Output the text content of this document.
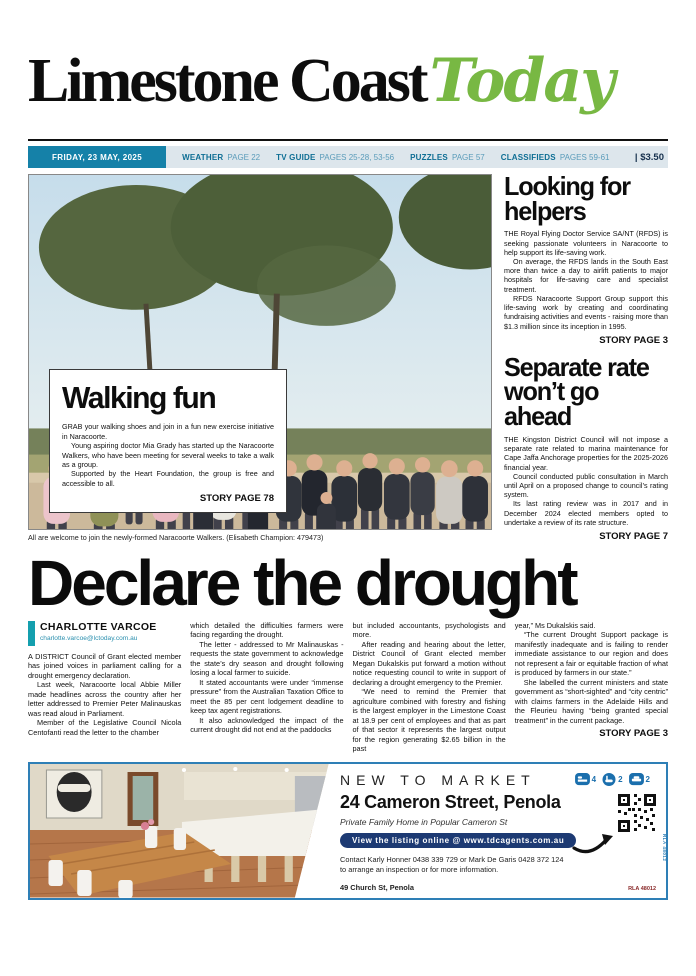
Limestone CoastToday
FRIDAY, 23 MAY, 2025	WEATHER PAGE 22 TV GUIDE PAGES 25-28, 53-56 PUZZLES PAGE 57 CLASSIFIEDS PAGES 59-61	| $3.50
Walking fun

GRAB your walking shoes and join in a fun new exercise initiative in Naracoorte.

Young aspiring doctor Mia Grady has started up the Naracoorte Walkers, who have been meeting for several weeks to take a walk as a group.

Supported by the Heart Foundation, the group is free and accessible to all.

STORY PAGE 78
All are welcome to join the newly-formed Naracoorte Walkers. (Elisabeth Champion: 479473)
Looking for helpers

THE Royal Flying Doctor Service SA/NT (RFDS) is seeking passionate volunteers in Naracoorte to help support its life-saving work.

On average, the RFDS lands in the South East more than twice a day to airlift patients to major hospitals for life-saving care and specialist treatment.

RFDS Naracoorte Support Group support this life-saving work by creating and coordinating fundraising activities and events - raising more than $1.3 million since its inception in 1995.

STORY PAGE 3
Separate rate won’t go ahead

THE Kingston District Council will not impose a separate rate related to marina maintenance for Cape Jaffa Anchorage properties for the 2025-2026 financial year.

Council conducted public consultation in March until April on a proposed change to council’s rating system.

Its last rating review was in 2017 and in December 2024 elected members opted to undertake a review of its rate structure.

STORY PAGE 7
Declare the drought
CHARLOTTE VARCOE
charlotte.varcoe@lctoday.com.au

A DISTRICT Council of Grant elected member has joined voices in parliament calling for a drought emergency declaration.

Last week, Naracoorte local Abbie Miller made headlines across the country after her letter addressed to Premier Peter Malinauskas was read aloud in Parliament.

Member of the Legislative Council Nicola Centofanti read the letter to the chamber

which detailed the difficulties farmers were facing regarding the drought.

The letter - addressed to Mr Malinauskas - requests the state government to acknowledge the state’s dry season and drought following losing a local farmer to suicide.

It stated accountants were under “immense pressure” from the Australian Taxation Office to meet the 85 per cent lodgement deadline to keep tax agent registrations.

It also acknowledged the impact of the current drought did not end at the paddocks

but included accountants, psychologists and more.

After reading and hearing about the letter, District Council of Grant elected member Megan Dukalskis put forward a motion without notice requesting council to write in support of declaring a drought emergency to the Premier.

“We need to remind the Premier that agriculture combined with forestry and fishing is the largest employer in the Limestone Coast at 18.9 per cent of employees and that as part of that sector it represents the largest output for the region generating $2.65 billion in the past

year,” Ms Dukalskis said.

“The current Drought Support package is manifestly inadequate and is failing to render immediate assistance to our region and does not represent a fair or equitable fraction of what is produced by farmers in our state.”

She labelled the current ministers and state government as “short-sighted” and “city centric” with claims farmers in the Adelaide Hills and the Fleurieu having “being granted special treatment” in the current package.

STORY PAGE 3
NEW TO MARKET	4	2	2
24 Cameron Street, Penola
Private Family Home in Popular Cameron St
View the listing online @ www.tdcagents.com.au
Contact Karly Honner 0438 339 729 or Mark De Garis 0428 372 124 to arrange an inspection or for more information.
49 Church St, Penola	RLA 48012
RLA 48012
